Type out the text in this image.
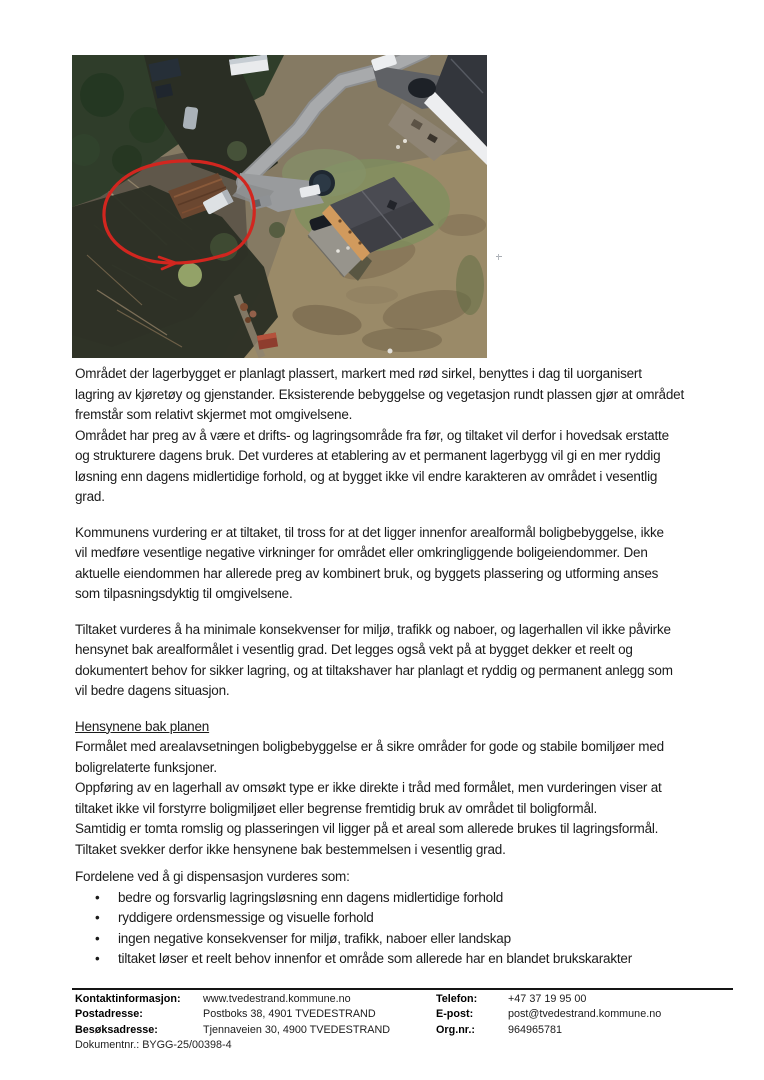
Området der lagerbygget er planlagt plassert, markert med rød sirkel, benyttes i dag til uorganisert
lagring av kjøretøy og gjenstander. Eksisterende bebyggelse og vegetasjon rundt plassen gjør at området
fremstår som relativt skjermet mot omgivelsene.
Området har preg av å være et drifts- og lagringsområde fra før, og tiltaket vil derfor i hovedsak erstatte
og strukturere dagens bruk. Det vurderes at etablering av et permanent lagerbygg vil gi en mer ryddig
løsning enn dagens midlertidige forhold, og at bygget ikke vil endre karakteren av området i vesentlig
grad.

Kommunens vurdering er at tiltaket, til tross for at det ligger innenfor arealformål boligbebyggelse, ikke
vil medføre vesentlige negative virkninger for området eller omkringliggende boligeiendommer. Den
aktuelle eiendommen har allerede preg av kombinert bruk, og byggets plassering og utforming anses
som tilpasningsdyktig til omgivelsene.

Tiltaket vurderes å ha minimale konsekvenser for miljø, trafikk og naboer, og lagerhallen vil ikke påvirke
hensynet bak arealformålet i vesentlig grad. Det legges også vekt på at bygget dekker et reelt og
dokumentert behov for sikker lagring, og at tiltakshaver har planlagt et ryddig og permanent anlegg som
vil bedre dagens situasjon.

Hensynene bak planen

Formålet med arealavsetningen boligbebyggelse er å sikre områder for gode og stabile bomiljøer med
boligrelaterte funksjoner.
Oppføring av en lagerhall av omsøkt type er ikke direkte i tråd med formålet, men vurderingen viser at
tiltaket ikke vil forstyrre boligmiljøet eller begrense fremtidig bruk av området til boligformål.
Samtidig er tomta romslig og plasseringen vil ligger på et areal som allerede brukes til lagringsformål.
Tiltaket svekker derfor ikke hensynene bak bestemmelsen i vesentlig grad.

Fordelene ved å gi dispensasjon vurderes som:

• bedre og forsvarlig lagringsløsning enn dagens midlertidige forhold
• ryddigere ordensmessige og visuelle forhold
• ingen negative konsekvenser for miljø, trafikk, naboer eller landskap
• tiltaket løser et reelt behov innenfor et område som allerede har en blandet brukskarakter
Kontaktinformasjon:	www.tvedestrand.kommune.no	Telefon:	+47 37 19 95 00
Postadresse:	Postboks 38, 4901 TVEDESTRAND	E-post:	post@tvedestrand.kommune.no
Besøksadresse:	Tjennaveien 30, 4900 TVEDESTRAND	Org.nr.:	964965781
Dokumentnr.: BYGG-25/00398-4
